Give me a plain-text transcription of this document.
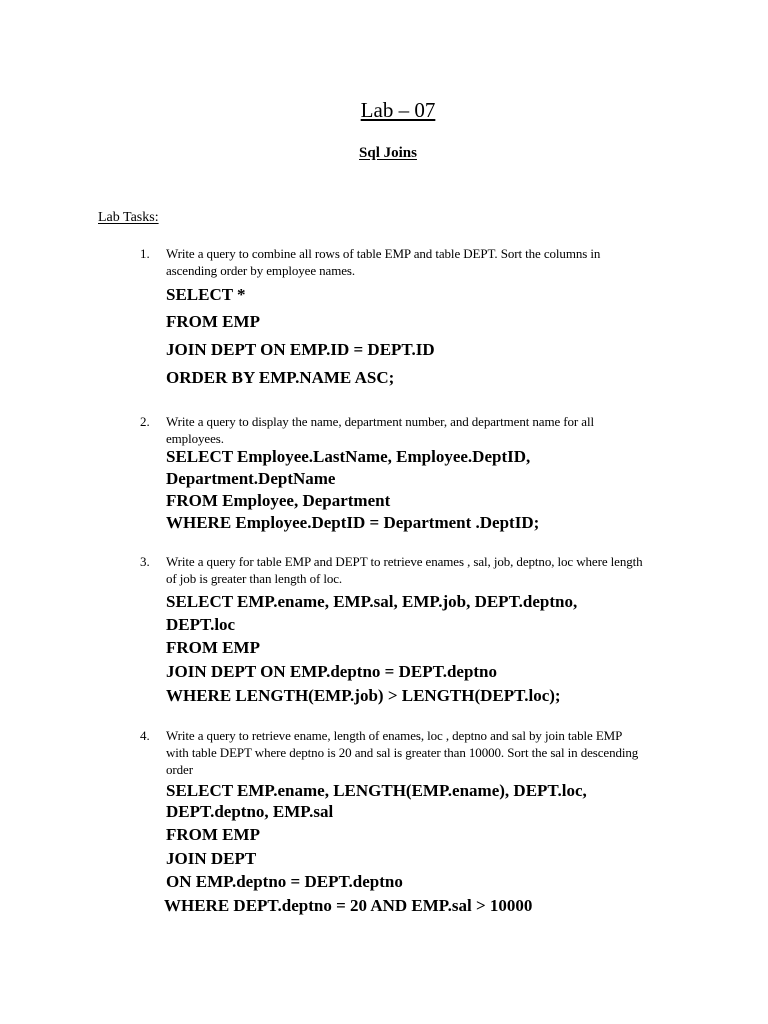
Lab – 07
Sql Joins
Lab Tasks:
1. Write a query to combine all rows of table EMP and table DEPT. Sort the columns in ascending order by employee names.
SELECT *
FROM EMP
JOIN DEPT ON EMP.ID = DEPT.ID
ORDER BY EMP.NAME ASC;
2. Write a query to display the name, department number, and department name for all employees.
SELECT Employee.LastName, Employee.DeptID,
Department.DeptName
FROM Employee, Department
WHERE Employee.DeptID = Department .DeptID;
3. Write a query for table EMP and DEPT to retrieve enames , sal, job, deptno, loc where length of job is greater than length of loc.
SELECT EMP.ename, EMP.sal, EMP.job, DEPT.deptno,
DEPT.loc
FROM EMP
JOIN DEPT ON EMP.deptno = DEPT.deptno
WHERE LENGTH(EMP.job) > LENGTH(DEPT.loc);
4. Write a query to retrieve ename, length of enames, loc , deptno and sal by join table EMP with table DEPT where deptno is 20 and sal is greater than 10000. Sort the sal in descending order
SELECT EMP.ename, LENGTH(EMP.ename), DEPT.loc,
DEPT.deptno, EMP.sal
FROM EMP
JOIN DEPT
ON EMP.deptno = DEPT.deptno
WHERE DEPT.deptno = 20 AND EMP.sal > 10000
